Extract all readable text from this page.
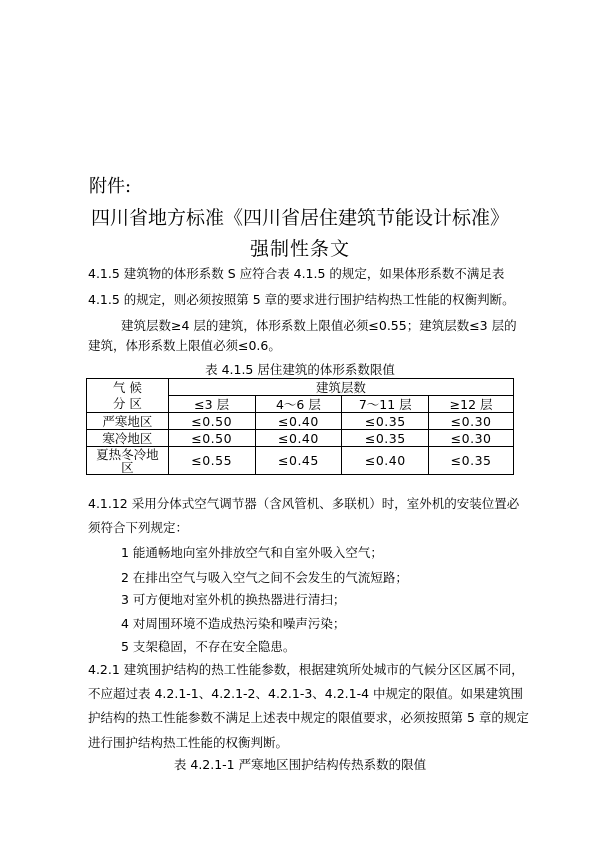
附件:
四川省地方标准《四川省居住建筑节能设计标准》
强制性条文
4.1.5 建筑物的体形系数 S 应符合表 4.1.5 的规定，如果体形系数不满足表
4.1.5 的规定，则必须按照第 5 章的要求进行围护结构热工性能的权衡判断。
建筑层数≥4 层的建筑，体形系数上限值必须≤0.55；建筑层数≤3 层的
建筑，体形系数上限值必须≤0.6。
表 4.1.5 居住建筑的体形系数限值
气 候
分 区	建筑层数			
	≤3 层	4～6 层	7～11 层	≥12 层
严寒地区	≤0.50	≤0.40	≤0.35	≤0.30
寒冷地区	≤0.50	≤0.40	≤0.35	≤0.30

夏热冬冷地
区	≤0.55	≤0.45	≤0.40	≤0.35
4.1.12 采用分体式空气调节器（含风管机、多联机）时，室外机的安装位置必
须符合下列规定：
1 能通畅地向室外排放空气和自室外吸入空气；
2 在排出空气与吸入空气之间不会发生的气流短路；
3 可方便地对室外机的换热器进行清扫；
4 对周围环境不造成热污染和噪声污染；
5 支架稳固，不存在安全隐患。
4.2.1 建筑围护结构的热工性能参数，根据建筑所处城市的气候分区区属不同，
不应超过表 4.2.1-1、4.2.1-2、4.2.1-3、4.2.1-4 中规定的限值。如果建筑围
护结构的热工性能参数不满足上述表中规定的限值要求，必须按照第 5 章的规定
进行围护结构热工性能的权衡判断。
表 4.2.1-1 严寒地区围护结构传热系数的限值
